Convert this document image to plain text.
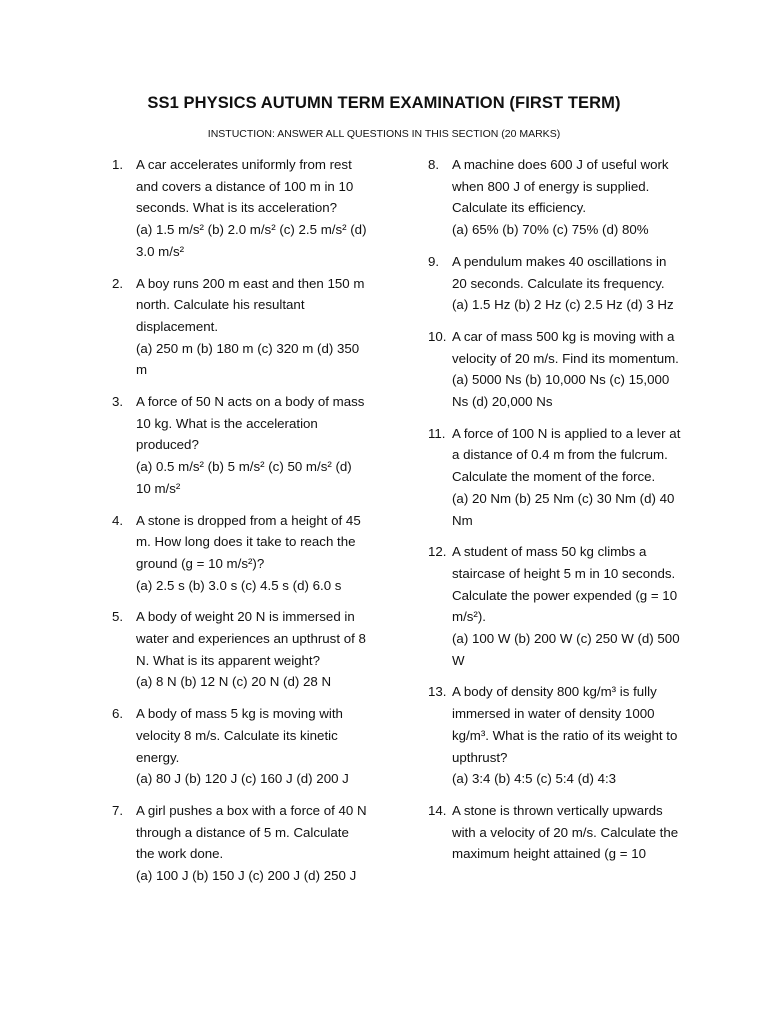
SS1 PHYSICS AUTUMN TERM EXAMINATION (FIRST TERM)
INSTUCTION: ANSWER ALL QUESTIONS IN THIS SECTION (20 MARKS)
1. A car accelerates uniformly from rest and covers a distance of 100 m in 10 seconds. What is its acceleration?
(a) 1.5 m/s² (b) 2.0 m/s² (c) 2.5 m/s² (d) 3.0 m/s²
2. A boy runs 200 m east and then 150 m north. Calculate his resultant displacement.
(a) 250 m (b) 180 m (c) 320 m (d) 350 m
3. A force of 50 N acts on a body of mass 10 kg. What is the acceleration produced?
(a) 0.5 m/s² (b) 5 m/s² (c) 50 m/s² (d) 10 m/s²
4. A stone is dropped from a height of 45 m. How long does it take to reach the ground (g = 10 m/s²)?
(a) 2.5 s (b) 3.0 s (c) 4.5 s (d) 6.0 s
5. A body of weight 20 N is immersed in water and experiences an upthrust of 8 N. What is its apparent weight?
(a) 8 N (b) 12 N (c) 20 N (d) 28 N
6. A body of mass 5 kg is moving with velocity 8 m/s. Calculate its kinetic energy.
(a) 80 J (b) 120 J (c) 160 J (d) 200 J
7. A girl pushes a box with a force of 40 N through a distance of 5 m. Calculate the work done.
(a) 100 J (b) 150 J (c) 200 J (d) 250 J
8. A machine does 600 J of useful work when 800 J of energy is supplied. Calculate its efficiency.
(a) 65% (b) 70% (c) 75% (d) 80%
9. A pendulum makes 40 oscillations in 20 seconds. Calculate its frequency.
(a) 1.5 Hz (b) 2 Hz (c) 2.5 Hz (d) 3 Hz
10. A car of mass 500 kg is moving with a velocity of 20 m/s. Find its momentum.
(a) 5000 Ns (b) 10,000 Ns (c) 15,000 Ns (d) 20,000 Ns
11. A force of 100 N is applied to a lever at a distance of 0.4 m from the fulcrum. Calculate the moment of the force.
(a) 20 Nm (b) 25 Nm (c) 30 Nm (d) 40 Nm
12. A student of mass 50 kg climbs a staircase of height 5 m in 10 seconds. Calculate the power expended (g = 10 m/s²).
(a) 100 W (b) 200 W (c) 250 W (d) 500 W
13. A body of density 800 kg/m³ is fully immersed in water of density 1000 kg/m³. What is the ratio of its weight to upthrust?
(a) 3:4 (b) 4:5 (c) 5:4 (d) 4:3
14. A stone is thrown vertically upwards with a velocity of 20 m/s. Calculate the maximum height attained (g = 10
